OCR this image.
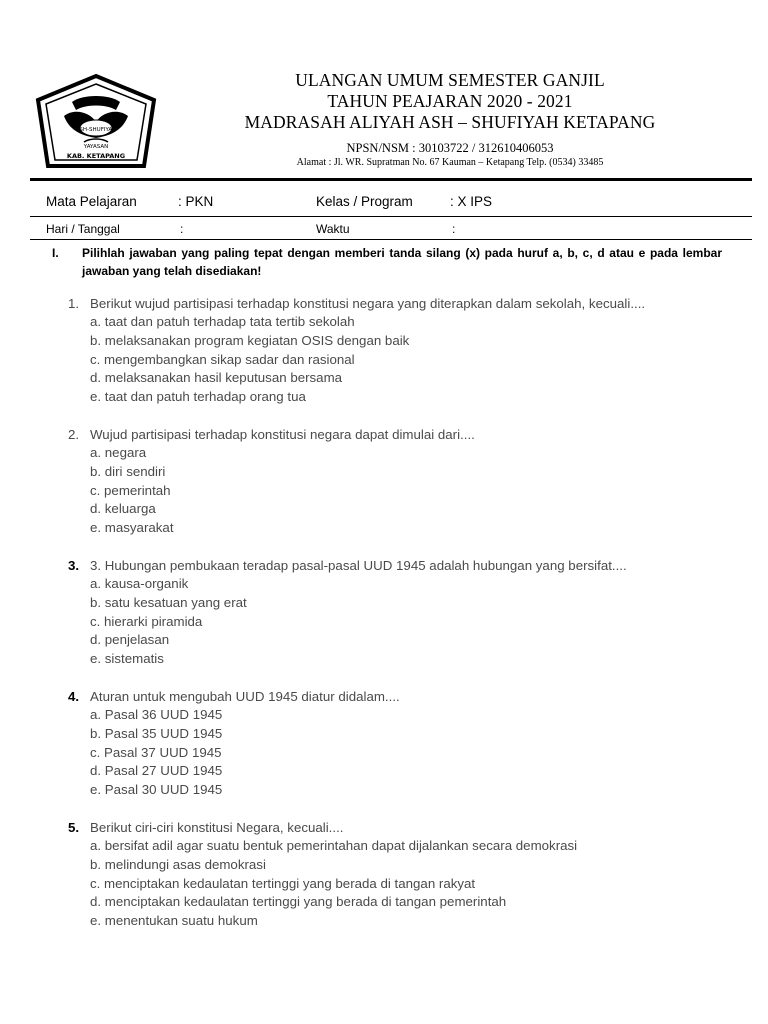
ASH-SHUFIYAH
YAYASAN
KAB. KETAPANG
ULANGAN UMUM SEMESTER GANJIL
TAHUN PEAJARAN 2020 - 2021
MADRASAH ALIYAH ASH – SHUFIYAH KETAPANG
NPSN/NSM : 30103722 / 312610406053
Alamat : Jl. WR. Supratman No. 67 Kauman – Ketapang Telp. (0534) 33485
Mata Pelajaran	: PKN	Kelas / Program	: X IPS
Hari / Tanggal	:	Waktu	:
I. Pilihlah jawaban yang paling tepat dengan memberi tanda silang (x) pada huruf a, b, c, d atau e pada lembar jawaban yang telah disediakan!
1. Berikut wujud partisipasi terhadap konstitusi negara yang diterapkan dalam sekolah, kecuali....
a. taat dan patuh terhadap tata tertib sekolah
b. melaksanakan program kegiatan OSIS dengan baik
c. mengembangkan sikap sadar dan rasional
d. melaksanakan hasil keputusan bersama
e. taat dan patuh terhadap orang tua
2. Wujud partisipasi terhadap konstitusi negara dapat dimulai dari....
a. negara
b. diri sendiri
c. pemerintah
d. keluarga
e. masyarakat
3. 3. Hubungan pembukaan teradap pasal-pasal UUD 1945 adalah hubungan yang bersifat....
a. kausa-organik
b. satu kesatuan yang erat
c. hierarki piramida
d. penjelasan
e. sistematis
4. Aturan untuk mengubah UUD 1945 diatur didalam....
a. Pasal 36 UUD 1945
b. Pasal 35 UUD 1945
c. Pasal 37 UUD 1945
d. Pasal 27 UUD 1945
e. Pasal 30 UUD 1945
5. Berikut ciri-ciri konstitusi Negara, kecuali....
a. bersifat adil agar suatu bentuk pemerintahan dapat dijalankan secara demokrasi
b. melindungi asas demokrasi
c. menciptakan kedaulatan tertinggi yang berada di tangan rakyat
d. menciptakan kedaulatan tertinggi yang berada di tangan pemerintah
e. menentukan suatu hukum
